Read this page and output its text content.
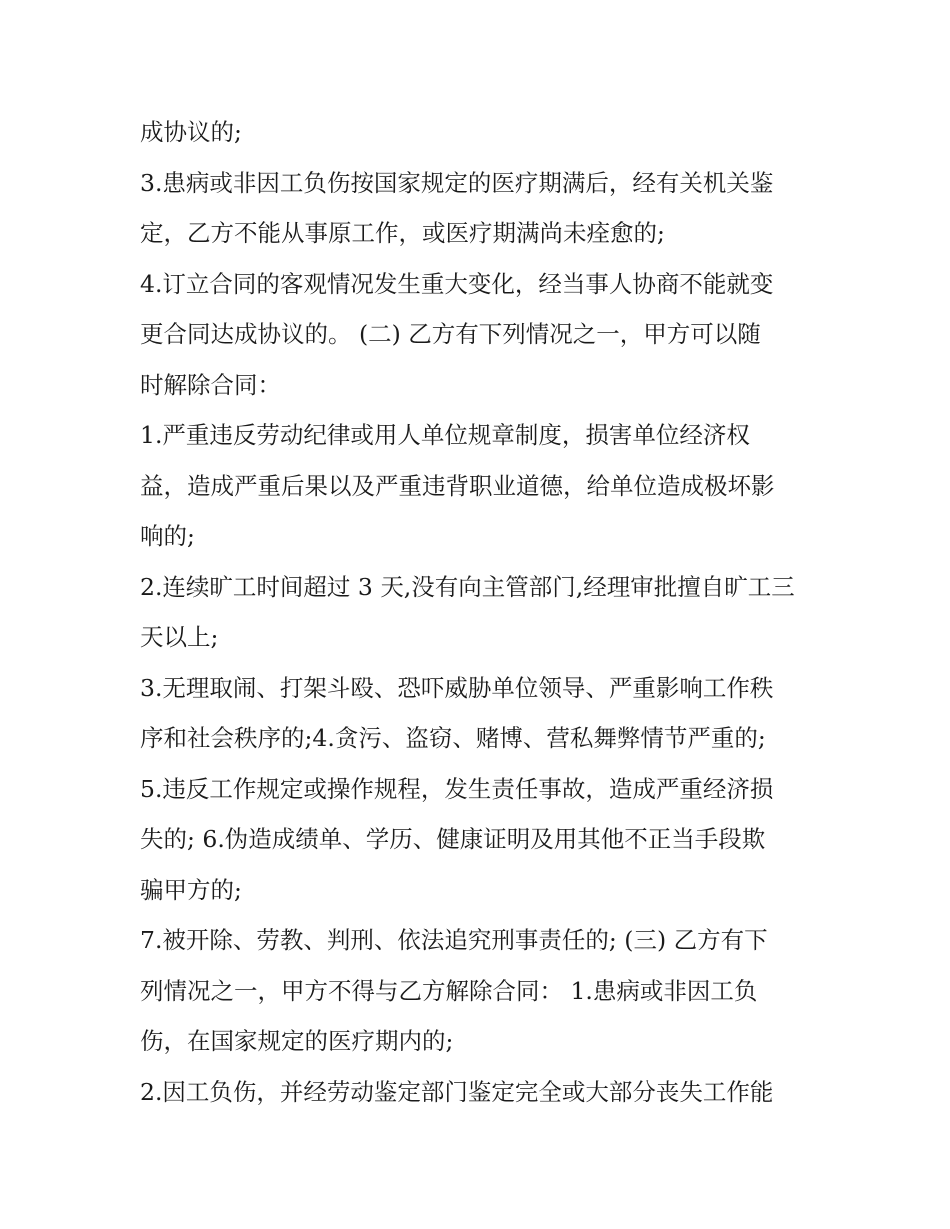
成协议的;
3.患病或非因工负伤按国家规定的医疗期满后，经有关机关鉴
定，乙方不能从事原工作，或医疗期满尚未痊愈的;
4.订立合同的客观情况发生重大变化，经当事人协商不能就变
更合同达成协议的。 (二) 乙方有下列情况之一，甲方可以随
时解除合同：
1.严重违反劳动纪律或用人单位规章制度，损害单位经济权
益，造成严重后果以及严重违背职业道德，给单位造成极坏影
响的;
2.连续旷工时间超过 3 天,没有向主管部门,经理审批擅自旷工三
天以上;
3.无理取闹、打架斗殴、恐吓威胁单位领导、严重影响工作秩
序和社会秩序的;4.贪污、盗窃、赌博、营私舞弊情节严重的;
5.违反工作规定或操作规程，发生责任事故，造成严重经济损
失的; 6.伪造成绩单、学历、健康证明及用其他不正当手段欺
骗甲方的;
7.被开除、劳教、判刑、依法追究刑事责任的; (三) 乙方有下
列情况之一，甲方不得与乙方解除合同： 1.患病或非因工负
伤，在国家规定的医疗期内的;
2.因工负伤，并经劳动鉴定部门鉴定完全或大部分丧失工作能
